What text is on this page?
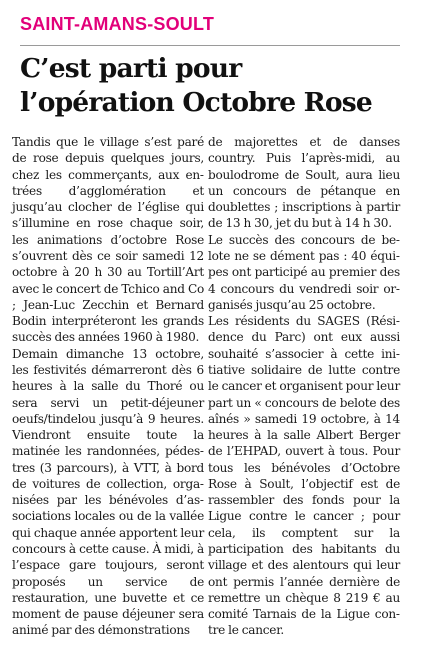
SAINT-AMANS-SOULT
C’est parti pour
l’opération Octobre Rose

Tandis que le village s’est paré de rose depuis quelques jours, chez les commerçants, aux entrées d’agglomération et jusqu’au clocher de l’église qui s’illumine en rose chaque soir, les animations d’octobre Rose s’ouvrent dès ce soir samedi 12 octobre à 20 h 30 au Tortill’Art avec le concert de Tchico and Co ; Jean-Luc Zecchin et Bernard Bodin interpréteront les grands succès des années 1960 à 1980.

Demain dimanche 13 octobre, les festivités démarreront dès 6 heures à la salle du Thoré ou sera servi un petit-déjeuner oeufs/tindelou jusqu’à 9 heures. Viendront ensuite toute la matinée les randonnées, pédestres (3 parcours), à VTT, à bord de voitures de collection, organisées par les bénévoles d’associations locales ou de la vallée qui chaque année apportent leur concours à cette cause. À midi, à l’espace gare toujours, seront proposés un service de restauration, une buvette et ce moment de pause déjeuner sera animé par des démonstrations

de majorettes et de danses country. Puis l’après-midi, au boulodrome de Soult, aura lieu un concours de pétanque en doublettes ; inscriptions à partir de 13 h 30, jet du but à 14 h 30.

Le succès des concours de belote ne se dément pas : 40 équipes ont participé au premier des 4 concours du vendredi soir organisés jusqu’au 25 octobre.

Les résidents du SAGES (Résidence du Parc) ont eux aussi souhaité s’associer à cette initiative solidaire de lutte contre le cancer et organisent pour leur part un « concours de belote des aînés » samedi 19 octobre, à 14 heures à la salle Albert Berger de l’EHPAD, ouvert à tous. Pour tous les bénévoles d’Octobre Rose à Soult, l’objectif est de rassembler des fonds pour la Ligue contre le cancer ; pour cela, ils comptent sur la participation des habitants du village et des alentours qui leur ont permis l’année dernière de remettre un chèque 8 219 € au comité Tarnais de la Ligue contre le cancer.
